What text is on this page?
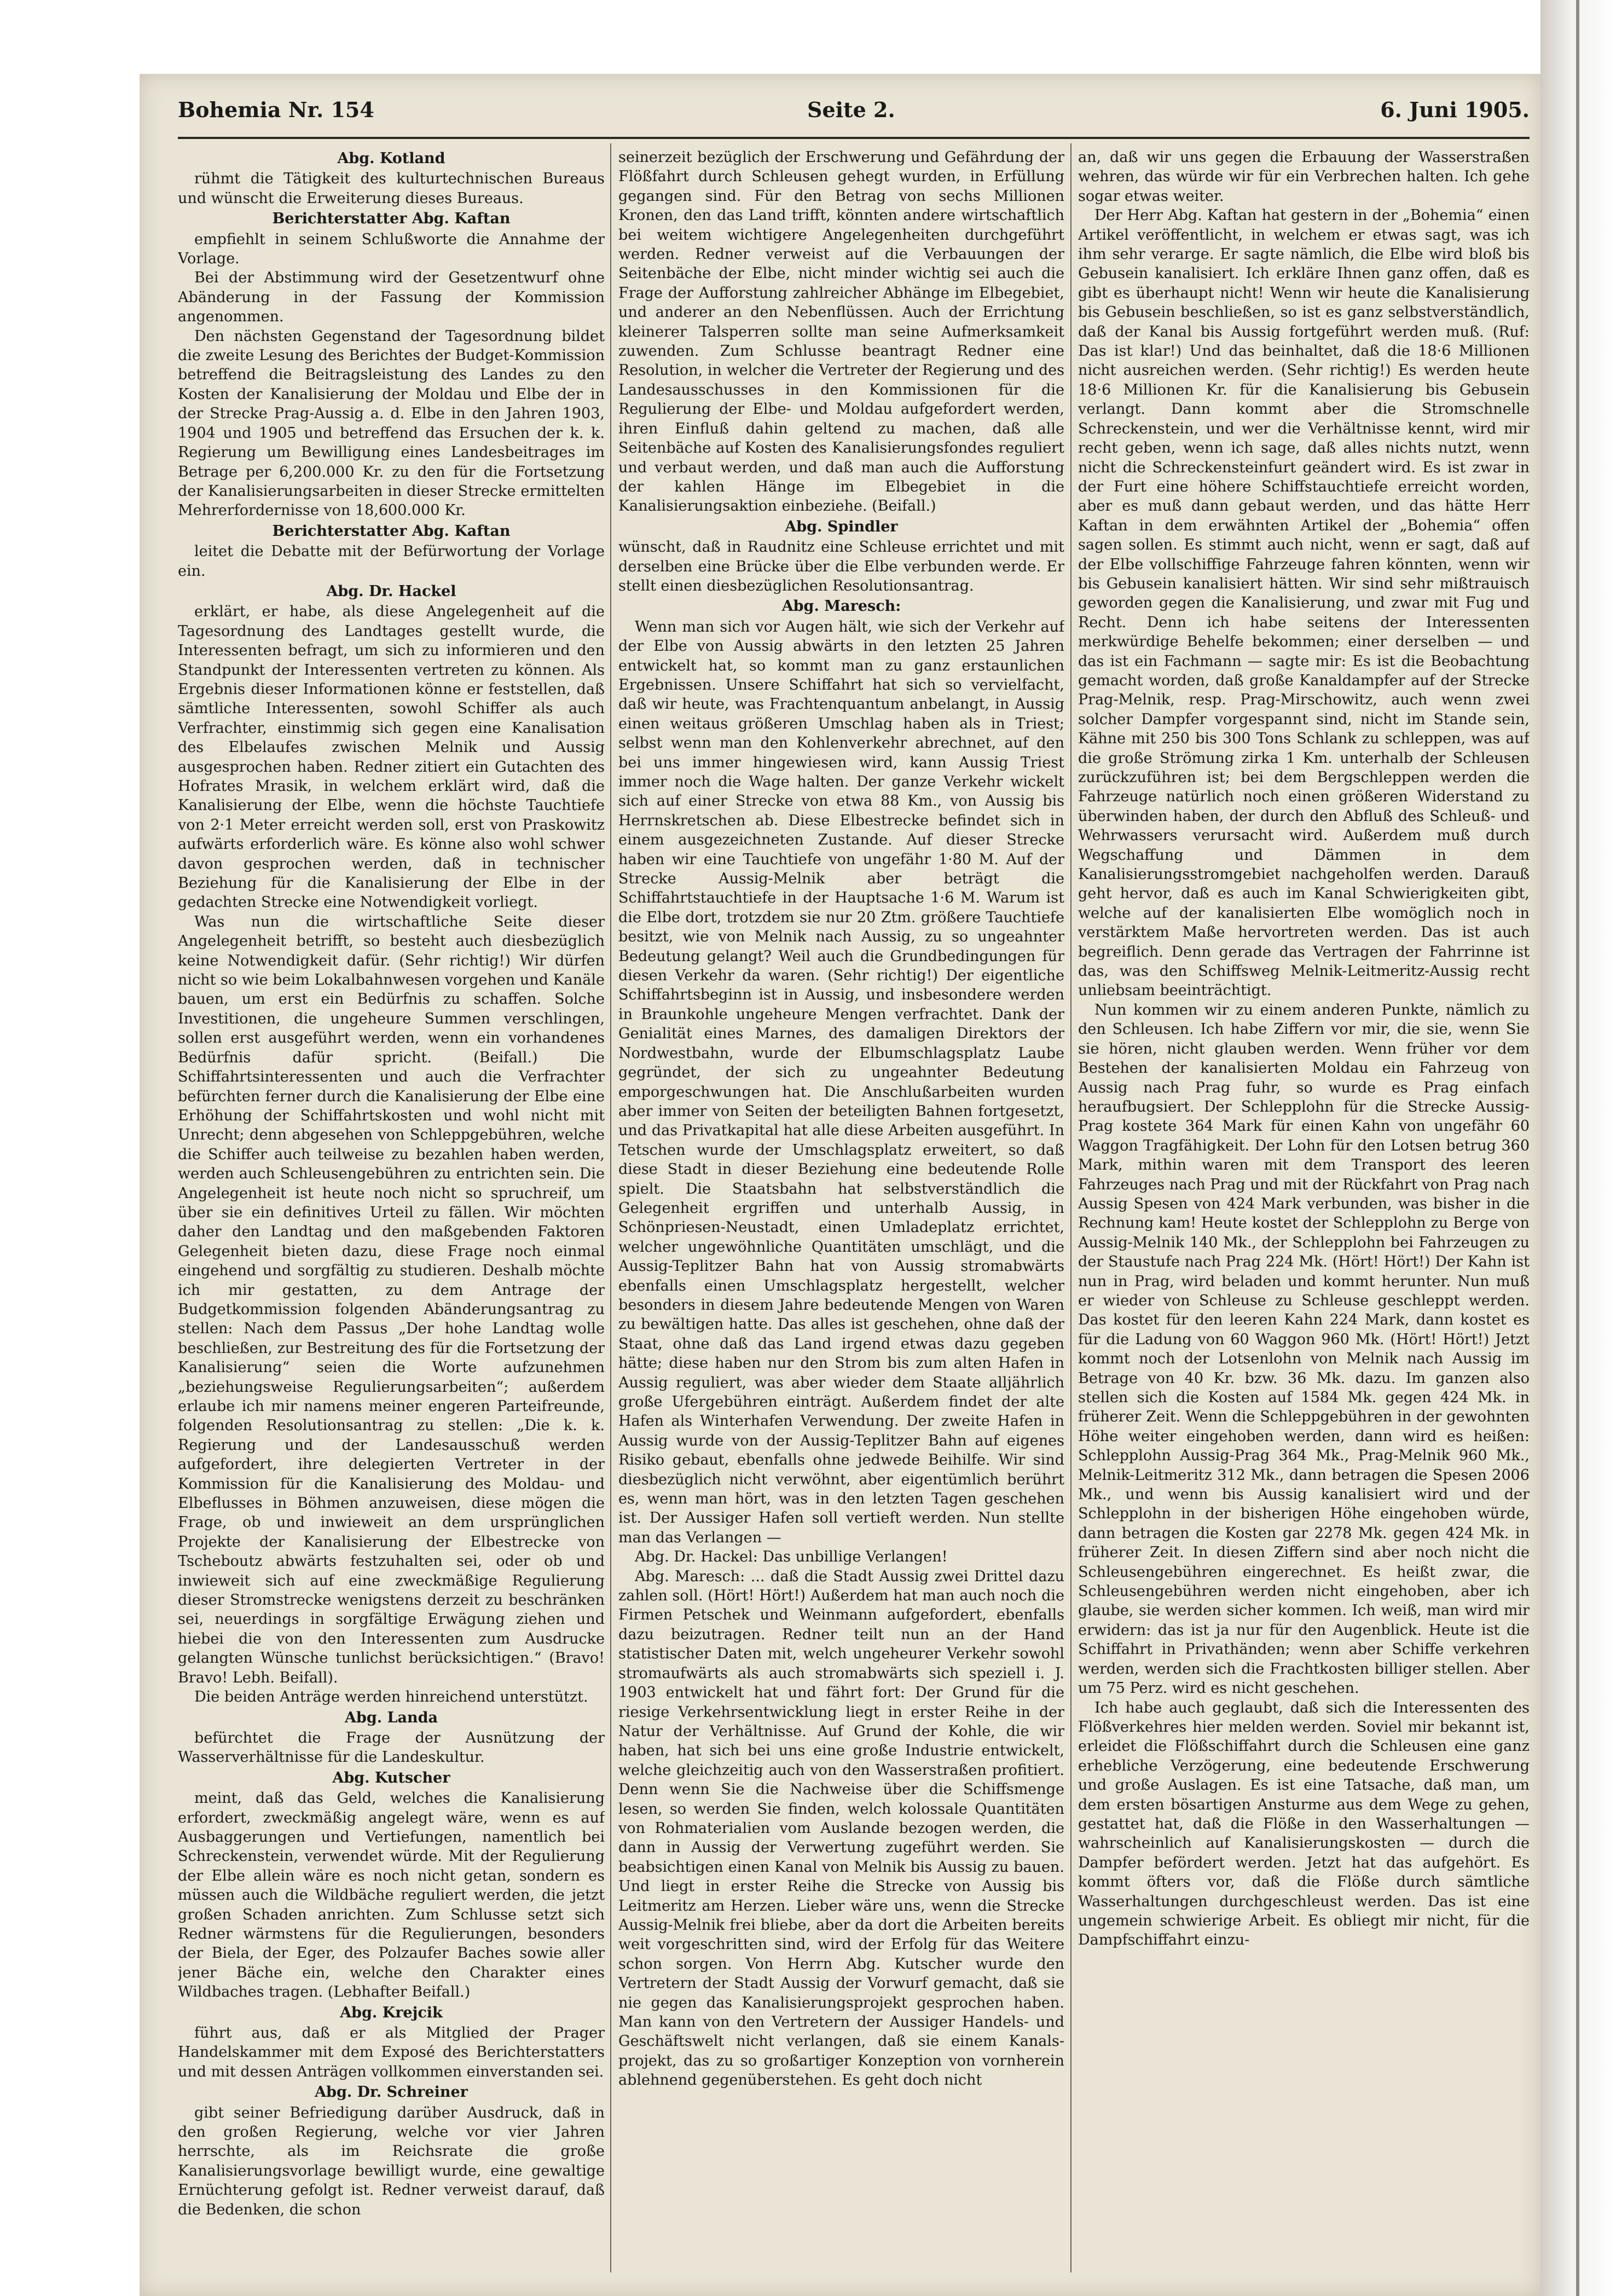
Bohemia Nr. 154	Seite 2.	6. Juni 1905.

Abg. Kotland

rühmt die Tätigkeit des kulturtechnischen Bureaus und wünscht die Erweiterung dieses Bureaus.

Berichterstatter Abg. Kaftan

empfiehlt in seinem Schlußworte die Annahme der Vorlage.

Bei der Abstimmung wird der Gesetzentwurf ohne Abänderung in der Fassung der Kommission angenommen.

Den nächsten Gegenstand der Tagesordnung bildet die zweite Lesung des Berichtes der Budget-Kommission betreffend die Beitragsleistung des Landes zu den Kosten der Kanalisierung der Moldau und Elbe der in der Strecke Prag-Aussig a. d. Elbe in den Jahren 1903, 1904 und 1905 und betreffend das Ersuchen der k. k. Regierung um Bewilligung eines Landesbeitrages im Betrage per 6,200.000 Kr. zu den für die Fortsetzung der Kanalisierungsarbeiten in dieser Strecke ermittelten Mehrerfordernisse von 18,600.000 Kr.

Berichterstatter Abg. Kaftan

leitet die Debatte mit der Befürwortung der Vorlage ein.

Abg. Dr. Hackel

erklärt, er habe, als diese Angelegenheit auf die Tagesordnung des Landtages gestellt wurde, die Interessenten befragt, um sich zu informieren und den Standpunkt der Interessenten vertreten zu können. Als Ergebnis dieser Informationen könne er feststellen, daß sämtliche Interessenten, sowohl Schiffer als auch Verfrachter, einstimmig sich gegen eine Kanalisation des Elbelaufes zwischen Melnik und Aussig ausgesprochen haben. Redner zitiert ein Gutachten des Hofrates Mrasik, in welchem erklärt wird, daß die Kanalisierung der Elbe, wenn die höchste Tauchtiefe von 2·1 Meter erreicht werden soll, erst von Praskowitz aufwärts erforderlich wäre. Es könne also wohl schwer davon gesprochen werden, daß in technischer Beziehung für die Kanalisierung der Elbe in der gedachten Strecke eine Notwendigkeit vorliegt.

Was nun die wirtschaftliche Seite dieser Angelegenheit betrifft, so besteht auch diesbezüglich keine Notwendigkeit dafür. (Sehr richtig!) Wir dürfen nicht so wie beim Lokalbahnwesen vorgehen und Kanäle bauen, um erst ein Bedürfnis zu schaffen. Solche Investitionen, die ungeheure Summen verschlingen, sollen erst ausgeführt werden, wenn ein vorhandenes Bedürfnis dafür spricht. (Beifall.) Die Schiffahrtsinteressenten und auch die Verfrachter befürchten ferner durch die Kanalisierung der Elbe eine Erhöhung der Schiffahrtskosten und wohl nicht mit Unrecht; denn abgesehen von Schleppgebühren, welche die Schiffer auch teilweise zu bezahlen haben werden, werden auch Schleusengebühren zu entrichten sein. Die Angelegenheit ist heute noch nicht so spruchreif, um über sie ein definitives Urteil zu fällen. Wir möchten daher den Landtag und den maßgebenden Faktoren Gelegenheit bieten dazu, diese Frage noch einmal eingehend und sorgfältig zu studieren. Deshalb möchte ich mir gestatten, zu dem Antrage der Budgetkommission folgenden Abänderungsantrag zu stellen: Nach dem Passus „Der hohe Landtag wolle beschließen, zur Bestreitung des für die Fortsetzung der Kanalisierung“ seien die Worte aufzunehmen „beziehungsweise Regulierungsarbeiten“; außerdem erlaube ich mir namens meiner engeren Parteifreunde, folgenden Resolutionsantrag zu stellen: „Die k. k. Regierung und der Landesausschuß werden aufgefordert, ihre delegierten Vertreter in der Kommission für die Kanalisierung des Moldau- und Elbeflusses in Böhmen anzuweisen, diese mögen die Frage, ob und inwieweit an dem ursprünglichen Projekte der Kanalisierung der Elbestrecke von Tscheboutz abwärts festzuhalten sei, oder ob und inwieweit sich auf eine zweckmäßige Regulierung dieser Stromstrecke wenigstens derzeit zu beschränken sei, neuerdings in sorgfältige Erwägung ziehen und hiebei die von den Interessenten zum Ausdrucke gelangten Wünsche tunlichst berücksichtigen.“ (Bravo! Bravo! Lebh. Beifall).

Die beiden Anträge werden hinreichend unterstützt.

Abg. Landa

befürchtet die Frage der Ausnützung der Wasserverhältnisse für die Landeskultur.

Abg. Kutscher

meint, daß das Geld, welches die Kanalisierung erfordert, zweckmäßig angelegt wäre, wenn es auf Ausbaggerungen und Vertiefungen, namentlich bei Schreckenstein, verwendet würde. Mit der Regulierung der Elbe allein wäre es noch nicht getan, sondern es müssen auch die Wildbäche reguliert werden, die jetzt großen Schaden anrichten. Zum Schlusse setzt sich Redner wärmstens für die Regulierungen, besonders der Biela, der Eger, des Polzaufer Baches sowie aller jener Bäche ein, welche den Charakter eines Wildbaches tragen. (Lebhafter Beifall.)

Abg. Krejcik

führt aus, daß er als Mitglied der Prager Handelskammer mit dem Exposé des Berichterstatters und mit dessen Anträgen vollkommen einverstanden sei.

Abg. Dr. Schreiner

gibt seiner Befriedigung darüber Ausdruck, daß in den großen Regierung, welche vor vier Jahren herrschte, als im Reichsrate die große Kanalisierungsvorlage bewilligt wurde, eine gewaltige Ernüchterung gefolgt ist. Redner verweist darauf, daß die Bedenken, die schon

seinerzeit bezüglich der Erschwerung und Gefährdung der Flößfahrt durch Schleusen gehegt wurden, in Erfüllung gegangen sind. Für den Betrag von sechs Millionen Kronen, den das Land trifft, könnten andere wirtschaftlich bei weitem wichtigere Angelegenheiten durchgeführt werden. Redner verweist auf die Verbauungen der Seitenbäche der Elbe, nicht minder wichtig sei auch die Frage der Aufforstung zahlreicher Abhänge im Elbegebiet, und anderer an den Nebenflüssen. Auch der Errichtung kleinerer Talsperren sollte man seine Aufmerksamkeit zuwenden. Zum Schlusse beantragt Redner eine Resolution, in welcher die Vertreter der Regierung und des Landesausschusses in den Kommissionen für die Regulierung der Elbe- und Moldau aufgefordert werden, ihren Einfluß dahin geltend zu machen, daß alle Seitenbäche auf Kosten des Kanalisierungsfondes reguliert und verbaut werden, und daß man auch die Aufforstung der kahlen Hänge im Elbegebiet in die Kanalisierungsaktion einbeziehe. (Beifall.)

Abg. Spindler

wünscht, daß in Raudnitz eine Schleuse errichtet und mit derselben eine Brücke über die Elbe verbunden werde. Er stellt einen diesbezüglichen Resolutionsantrag.

Abg. Maresch:

Wenn man sich vor Augen hält, wie sich der Verkehr auf der Elbe von Aussig abwärts in den letzten 25 Jahren entwickelt hat, so kommt man zu ganz erstaunlichen Ergebnissen. Unsere Schiffahrt hat sich so vervielfacht, daß wir heute, was Frachtenquantum anbelangt, in Aussig einen weitaus größeren Umschlag haben als in Triest; selbst wenn man den Kohlenverkehr abrechnet, auf den bei uns immer hingewiesen wird, kann Aussig Triest immer noch die Wage halten. Der ganze Verkehr wickelt sich auf einer Strecke von etwa 88 Km., von Aussig bis Herrnskretschen ab. Diese Elbestrecke befindet sich in einem ausgezeichneten Zustande. Auf dieser Strecke haben wir eine Tauchtiefe von ungefähr 1·80 M. Auf der Strecke Aussig-Melnik aber beträgt die Schiffahrtstauchtiefe in der Hauptsache 1·6 M. Warum ist die Elbe dort, trotzdem sie nur 20 Ztm. größere Tauchtiefe besitzt, wie von Melnik nach Aussig, zu so ungeahnter Bedeutung gelangt? Weil auch die Grundbedingungen für diesen Verkehr da waren. (Sehr richtig!) Der eigentliche Schiffahrtsbeginn ist in Aussig, und insbesondere werden in Braunkohle ungeheure Mengen verfrachtet. Dank der Genialität eines Marnes, des damaligen Direktors der Nordwestbahn, wurde der Elbumschlagsplatz Laube gegründet, der sich zu ungeahnter Bedeutung emporgeschwungen hat. Die Anschlußarbeiten wurden aber immer von Seiten der beteiligten Bahnen fortgesetzt, und das Privatkapital hat alle diese Arbeiten ausgeführt. In Tetschen wurde der Umschlagsplatz erweitert, so daß diese Stadt in dieser Beziehung eine bedeutende Rolle spielt. Die Staatsbahn hat selbstverständlich die Gelegenheit ergriffen und unterhalb Aussig, in Schönpriesen-Neustadt, einen Umladeplatz errichtet, welcher ungewöhnliche Quantitäten umschlägt, und die Aussig-Teplitzer Bahn hat von Aussig stromabwärts ebenfalls einen Umschlagsplatz hergestellt, welcher besonders in diesem Jahre bedeutende Mengen von Waren zu bewältigen hatte. Das alles ist geschehen, ohne daß der Staat, ohne daß das Land irgend etwas dazu gegeben hätte; diese haben nur den Strom bis zum alten Hafen in Aussig reguliert, was aber wieder dem Staate alljährlich große Ufergebühren einträgt. Außerdem findet der alte Hafen als Winterhafen Verwendung. Der zweite Hafen in Aussig wurde von der Aussig-Teplitzer Bahn auf eigenes Risiko gebaut, ebenfalls ohne jedwede Beihilfe. Wir sind diesbezüglich nicht verwöhnt, aber eigentümlich berührt es, wenn man hört, was in den letzten Tagen geschehen ist. Der Aussiger Hafen soll vertieft werden. Nun stellte man das Verlangen —

Abg. Dr. Hackel: Das unbillige Verlangen!

Abg. Maresch: ... daß die Stadt Aussig zwei Drittel dazu zahlen soll. (Hört! Hört!) Außerdem hat man auch noch die Firmen Petschek und Weinmann aufgefordert, ebenfalls dazu beizutragen. Redner teilt nun an der Hand statistischer Daten mit, welch ungeheurer Verkehr sowohl stromaufwärts als auch stromabwärts sich speziell i. J. 1903 entwickelt hat und fährt fort: Der Grund für die riesige Verkehrsentwicklung liegt in erster Reihe in der Natur der Verhältnisse. Auf Grund der Kohle, die wir haben, hat sich bei uns eine große Industrie entwickelt, welche gleichzeitig auch von den Wasserstraßen profitiert. Denn wenn Sie die Nachweise über die Schiffsmenge lesen, so werden Sie finden, welch kolossale Quantitäten von Rohmaterialien vom Auslande bezogen werden, die dann in Aussig der Verwertung zugeführt werden. Sie beabsichtigen einen Kanal von Melnik bis Aussig zu bauen. Und liegt in erster Reihe die Strecke von Aussig bis Leitmeritz am Herzen. Lieber wäre uns, wenn die Strecke Aussig-Melnik frei bliebe, aber da dort die Arbeiten bereits weit vorgeschritten sind, wird der Erfolg für das Weitere schon sorgen. Von Herrn Abg. Kutscher wurde den Vertretern der Stadt Aussig der Vorwurf gemacht, daß sie nie gegen das Kanalisierungsprojekt gesprochen haben. Man kann von den Vertretern der Aussiger Handels- und Geschäftswelt nicht verlangen, daß sie einem Kanals-projekt, das zu so großartiger Konzeption von vornherein ablehnend gegenüberstehen. Es geht doch nicht

an, daß wir uns gegen die Erbauung der Wasserstraßen wehren, das würde wir für ein Verbrechen halten. Ich gehe sogar etwas weiter.

Der Herr Abg. Kaftan hat gestern in der „Bohemia“ einen Artikel veröffentlicht, in welchem er etwas sagt, was ich ihm sehr verarge. Er sagte nämlich, die Elbe wird bloß bis Gebusein kanalisiert. Ich erkläre Ihnen ganz offen, daß es gibt es überhaupt nicht! Wenn wir heute die Kanalisierung bis Gebusein beschließen, so ist es ganz selbstverständlich, daß der Kanal bis Aussig fortgeführt werden muß. (Ruf: Das ist klar!) Und das beinhaltet, daß die 18·6 Millionen nicht ausreichen werden. (Sehr richtig!) Es werden heute 18·6 Millionen Kr. für die Kanalisierung bis Gebusein verlangt. Dann kommt aber die Stromschnelle Schreckenstein, und wer die Verhältnisse kennt, wird mir recht geben, wenn ich sage, daß alles nichts nutzt, wenn nicht die Schreckensteinfurt geändert wird. Es ist zwar in der Furt eine höhere Schiffstauchtiefe erreicht worden, aber es muß dann gebaut werden, und das hätte Herr Kaftan in dem erwähnten Artikel der „Bohemia“ offen sagen sollen. Es stimmt auch nicht, wenn er sagt, daß auf der Elbe vollschiffige Fahrzeuge fahren könnten, wenn wir bis Gebusein kanalisiert hätten. Wir sind sehr mißtrauisch geworden gegen die Kanalisierung, und zwar mit Fug und Recht. Denn ich habe seitens der Interessenten merkwürdige Behelfe bekommen; einer derselben — und das ist ein Fachmann — sagte mir: Es ist die Beobachtung gemacht worden, daß große Kanaldampfer auf der Strecke Prag-Melnik, resp. Prag-Mirschowitz, auch wenn zwei solcher Dampfer vorgespannt sind, nicht im Stande sein, Kähne mit 250 bis 300 Tons Schlank zu schleppen, was auf die große Strömung zirka 1 Km. unterhalb der Schleusen zurückzuführen ist; bei dem Bergschleppen werden die Fahrzeuge natürlich noch einen größeren Widerstand zu überwinden haben, der durch den Abfluß des Schleuß- und Wehrwassers verursacht wird. Außerdem muß durch Wegschaffung und Dämmen in dem Kanalisierungsstromgebiet nachgeholfen werden. Darauß geht hervor, daß es auch im Kanal Schwierigkeiten gibt, welche auf der kanalisierten Elbe womöglich noch in verstärktem Maße hervortreten werden. Das ist auch begreiflich. Denn gerade das Vertragen der Fahrrinne ist das, was den Schiffsweg Melnik-Leitmeritz-Aussig recht unliebsam beeinträchtigt.

Nun kommen wir zu einem anderen Punkte, nämlich zu den Schleusen. Ich habe Ziffern vor mir, die sie, wenn Sie sie hören, nicht glauben werden. Wenn früher vor dem Bestehen der kanalisierten Moldau ein Fahrzeug von Aussig nach Prag fuhr, so wurde es Prag einfach heraufbugsiert. Der Schlepplohn für die Strecke Aussig-Prag kostete 364 Mark für einen Kahn von ungefähr 60 Waggon Tragfähigkeit. Der Lohn für den Lotsen betrug 360 Mark, mithin waren mit dem Transport des leeren Fahrzeuges nach Prag und mit der Rückfahrt von Prag nach Aussig Spesen von 424 Mark verbunden, was bisher in die Rechnung kam! Heute kostet der Schlepplohn zu Berge von Aussig-Melnik 140 Mk., der Schlepplohn bei Fahrzeugen zu der Staustufe nach Prag 224 Mk. (Hört! Hört!) Der Kahn ist nun in Prag, wird beladen und kommt herunter. Nun muß er wieder von Schleuse zu Schleuse geschleppt werden. Das kostet für den leeren Kahn 224 Mark, dann kostet es für die Ladung von 60 Waggon 960 Mk. (Hört! Hört!) Jetzt kommt noch der Lotsenlohn von Melnik nach Aussig im Betrage von 40 Kr. bzw. 36 Mk. dazu. Im ganzen also stellen sich die Kosten auf 1584 Mk. gegen 424 Mk. in früherer Zeit. Wenn die Schleppgebühren in der gewohnten Höhe weiter eingehoben werden, dann wird es heißen: Schlepplohn Aussig-Prag 364 Mk., Prag-Melnik 960 Mk., Melnik-Leitmeritz 312 Mk., dann betragen die Spesen 2006 Mk., und wenn bis Aussig kanalisiert wird und der Schlepplohn in der bisherigen Höhe eingehoben würde, dann betragen die Kosten gar 2278 Mk. gegen 424 Mk. in früherer Zeit. In diesen Ziffern sind aber noch nicht die Schleusengebühren eingerechnet. Es heißt zwar, die Schleusengebühren werden nicht eingehoben, aber ich glaube, sie werden sicher kommen. Ich weiß, man wird mir erwidern: das ist ja nur für den Augenblick. Heute ist die Schiffahrt in Privathänden; wenn aber Schiffe verkehren werden, werden sich die Frachtkosten billiger stellen. Aber um 75 Perz. wird es nicht geschehen.

Ich habe auch geglaubt, daß sich die Interessenten des Flößverkehres hier melden werden. Soviel mir bekannt ist, erleidet die Flößschiffahrt durch die Schleusen eine ganz erhebliche Verzögerung, eine bedeutende Erschwerung und große Auslagen. Es ist eine Tatsache, daß man, um dem ersten bösartigen Ansturme aus dem Wege zu gehen, gestattet hat, daß die Flöße in den Wasserhaltungen — wahrscheinlich auf Kanalisierungskosten — durch die Dampfer befördert werden. Jetzt hat das aufgehört. Es kommt öfters vor, daß die Flöße durch sämtliche Wasserhaltungen durchgeschleust werden. Das ist eine ungemein schwierige Arbeit. Es obliegt mir nicht, für die Dampfschiffahrt einzu-
